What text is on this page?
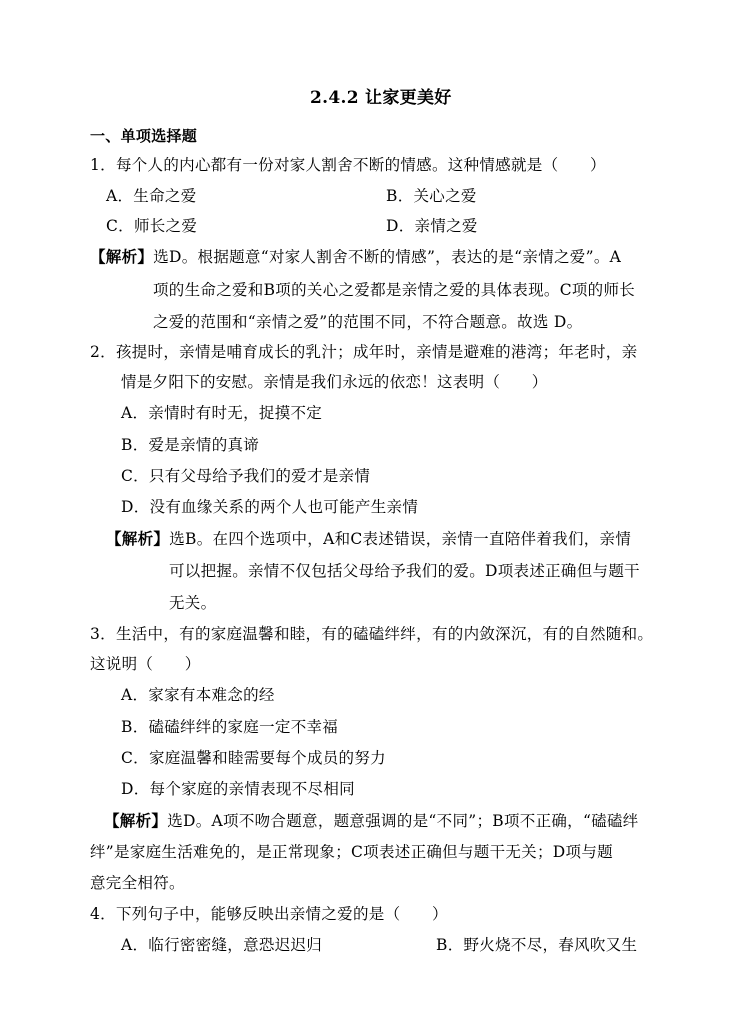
2.4.2 让家更美好
一、单项选择题
1．每个人的内心都有一份对家人割舍不断的情感。这种情感就是（　　）
A．生命之爱	B．关心之爱
C．师长之爱	D．亲情之爱
【解析】选D。根据题意“对家人割舍不断的情感”，表达的是“亲情之爱”。A
项的生命之爱和B项的关心之爱都是亲情之爱的具体表现。C项的师长
之爱的范围和“亲情之爱”的范围不同，不符合题意。故选 D。
2．孩提时，亲情是哺育成长的乳汁；成年时，亲情是避难的港湾；年老时，亲
情是夕阳下的安慰。亲情是我们永远的依恋！这表明（　　）
A．亲情时有时无，捉摸不定
B．爱是亲情的真谛
C．只有父母给予我们的爱才是亲情
D．没有血缘关系的两个人也可能产生亲情
【解析】选B。在四个选项中，A和C表述错误，亲情一直陪伴着我们，亲情
可以把握。亲情不仅包括父母给予我们的爱。D项表述正确但与题干
无关。
3．生活中，有的家庭温馨和睦，有的磕磕绊绊，有的内敛深沉，有的自然随和。
这说明（　　）
A．家家有本难念的经
B．磕磕绊绊的家庭一定不幸福
C．家庭温馨和睦需要每个成员的努力
D．每个家庭的亲情表现不尽相同
【解析】选D。A项不吻合题意，题意强调的是“不同”；B项不正确，“磕磕绊
绊”是家庭生活难免的，是正常现象；C项表述正确但与题干无关；D项与题
意完全相符。
4．下列句子中，能够反映出亲情之爱的是（　　）
A．临行密密缝，意恐迟迟归	B．野火烧不尽，春风吹又生
